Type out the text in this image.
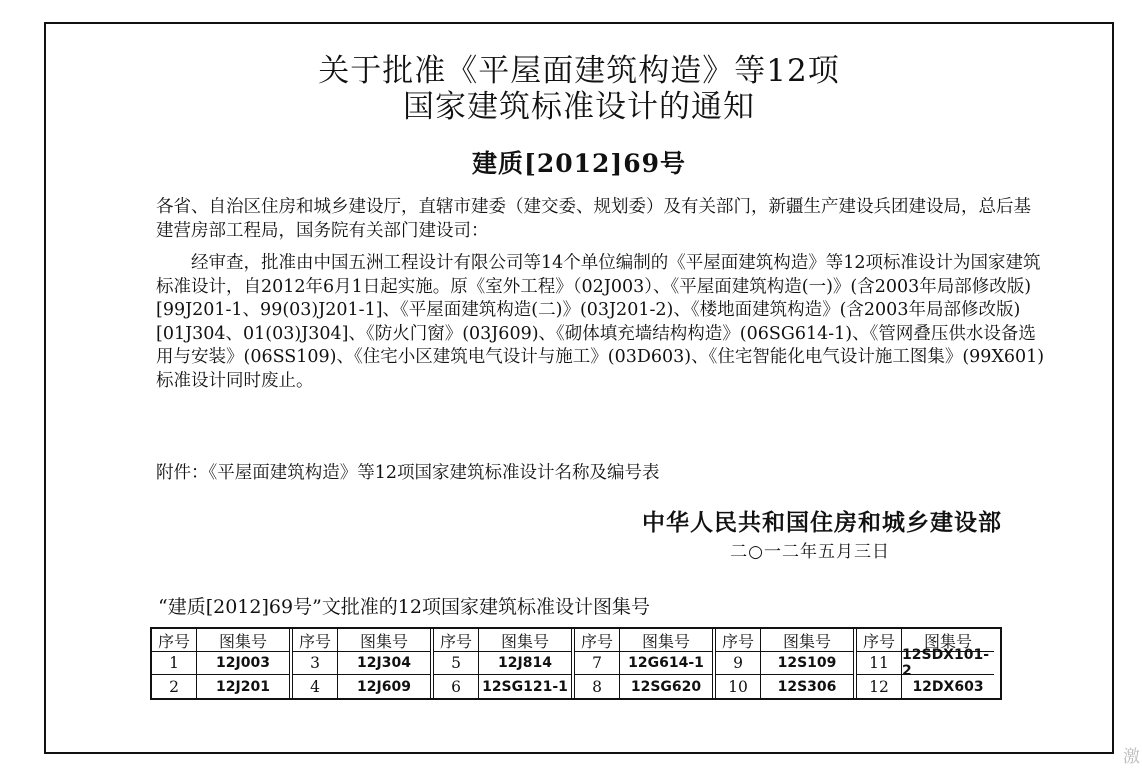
关于批准《平屋面建筑构造》等12项
国家建筑标准设计的通知
建质[2012]69号
各省、自治区住房和城乡建设厅，直辖市建委（建交委、规划委）及有关部门，新疆生产建设兵团建设局，总后基建营房部工程局，国务院有关部门建设司：
经审查，批准由中国五洲工程设计有限公司等14个单位编制的《平屋面建筑构造》等12项标准设计为国家建筑标准设计，自2012年6月1日起实施。原《室外工程》（02J003）、《平屋面建筑构造(一)》(含2003年局部修改版)[99J201-1、99(03)J201-1]、《平屋面建筑构造(二)》(03J201-2)、《楼地面建筑构造》(含2003年局部修改版)[01J304、01(03)J304]、《防火门窗》(03J609)、《砌体填充墙结构构造》(06SG614-1)、《管网叠压供水设备选用与安装》(06SS109)、《住宅小区建筑电气设计与施工》(03D603)、《住宅智能化电气设计施工图集》(99X601)标准设计同时废止。
附件：《平屋面建筑构造》等12项国家建筑标准设计名称及编号表
中华人民共和国住房和城乡建设部
二○一二年五月三日
“建质[2012]69号”文批准的12项国家建筑标准设计图集号
序号
1
2
图集号
12J003
12J201
序号
3
4
图集号
12J304
12J609
序号
5
6
图集号
12J814
12SG121-1
序号
7
8
图集号
12G614-1
12SG620
序号
9
10
图集号
12S109
12S306
序号
11
12
图集号
12SDX101-2
12DX603
激
